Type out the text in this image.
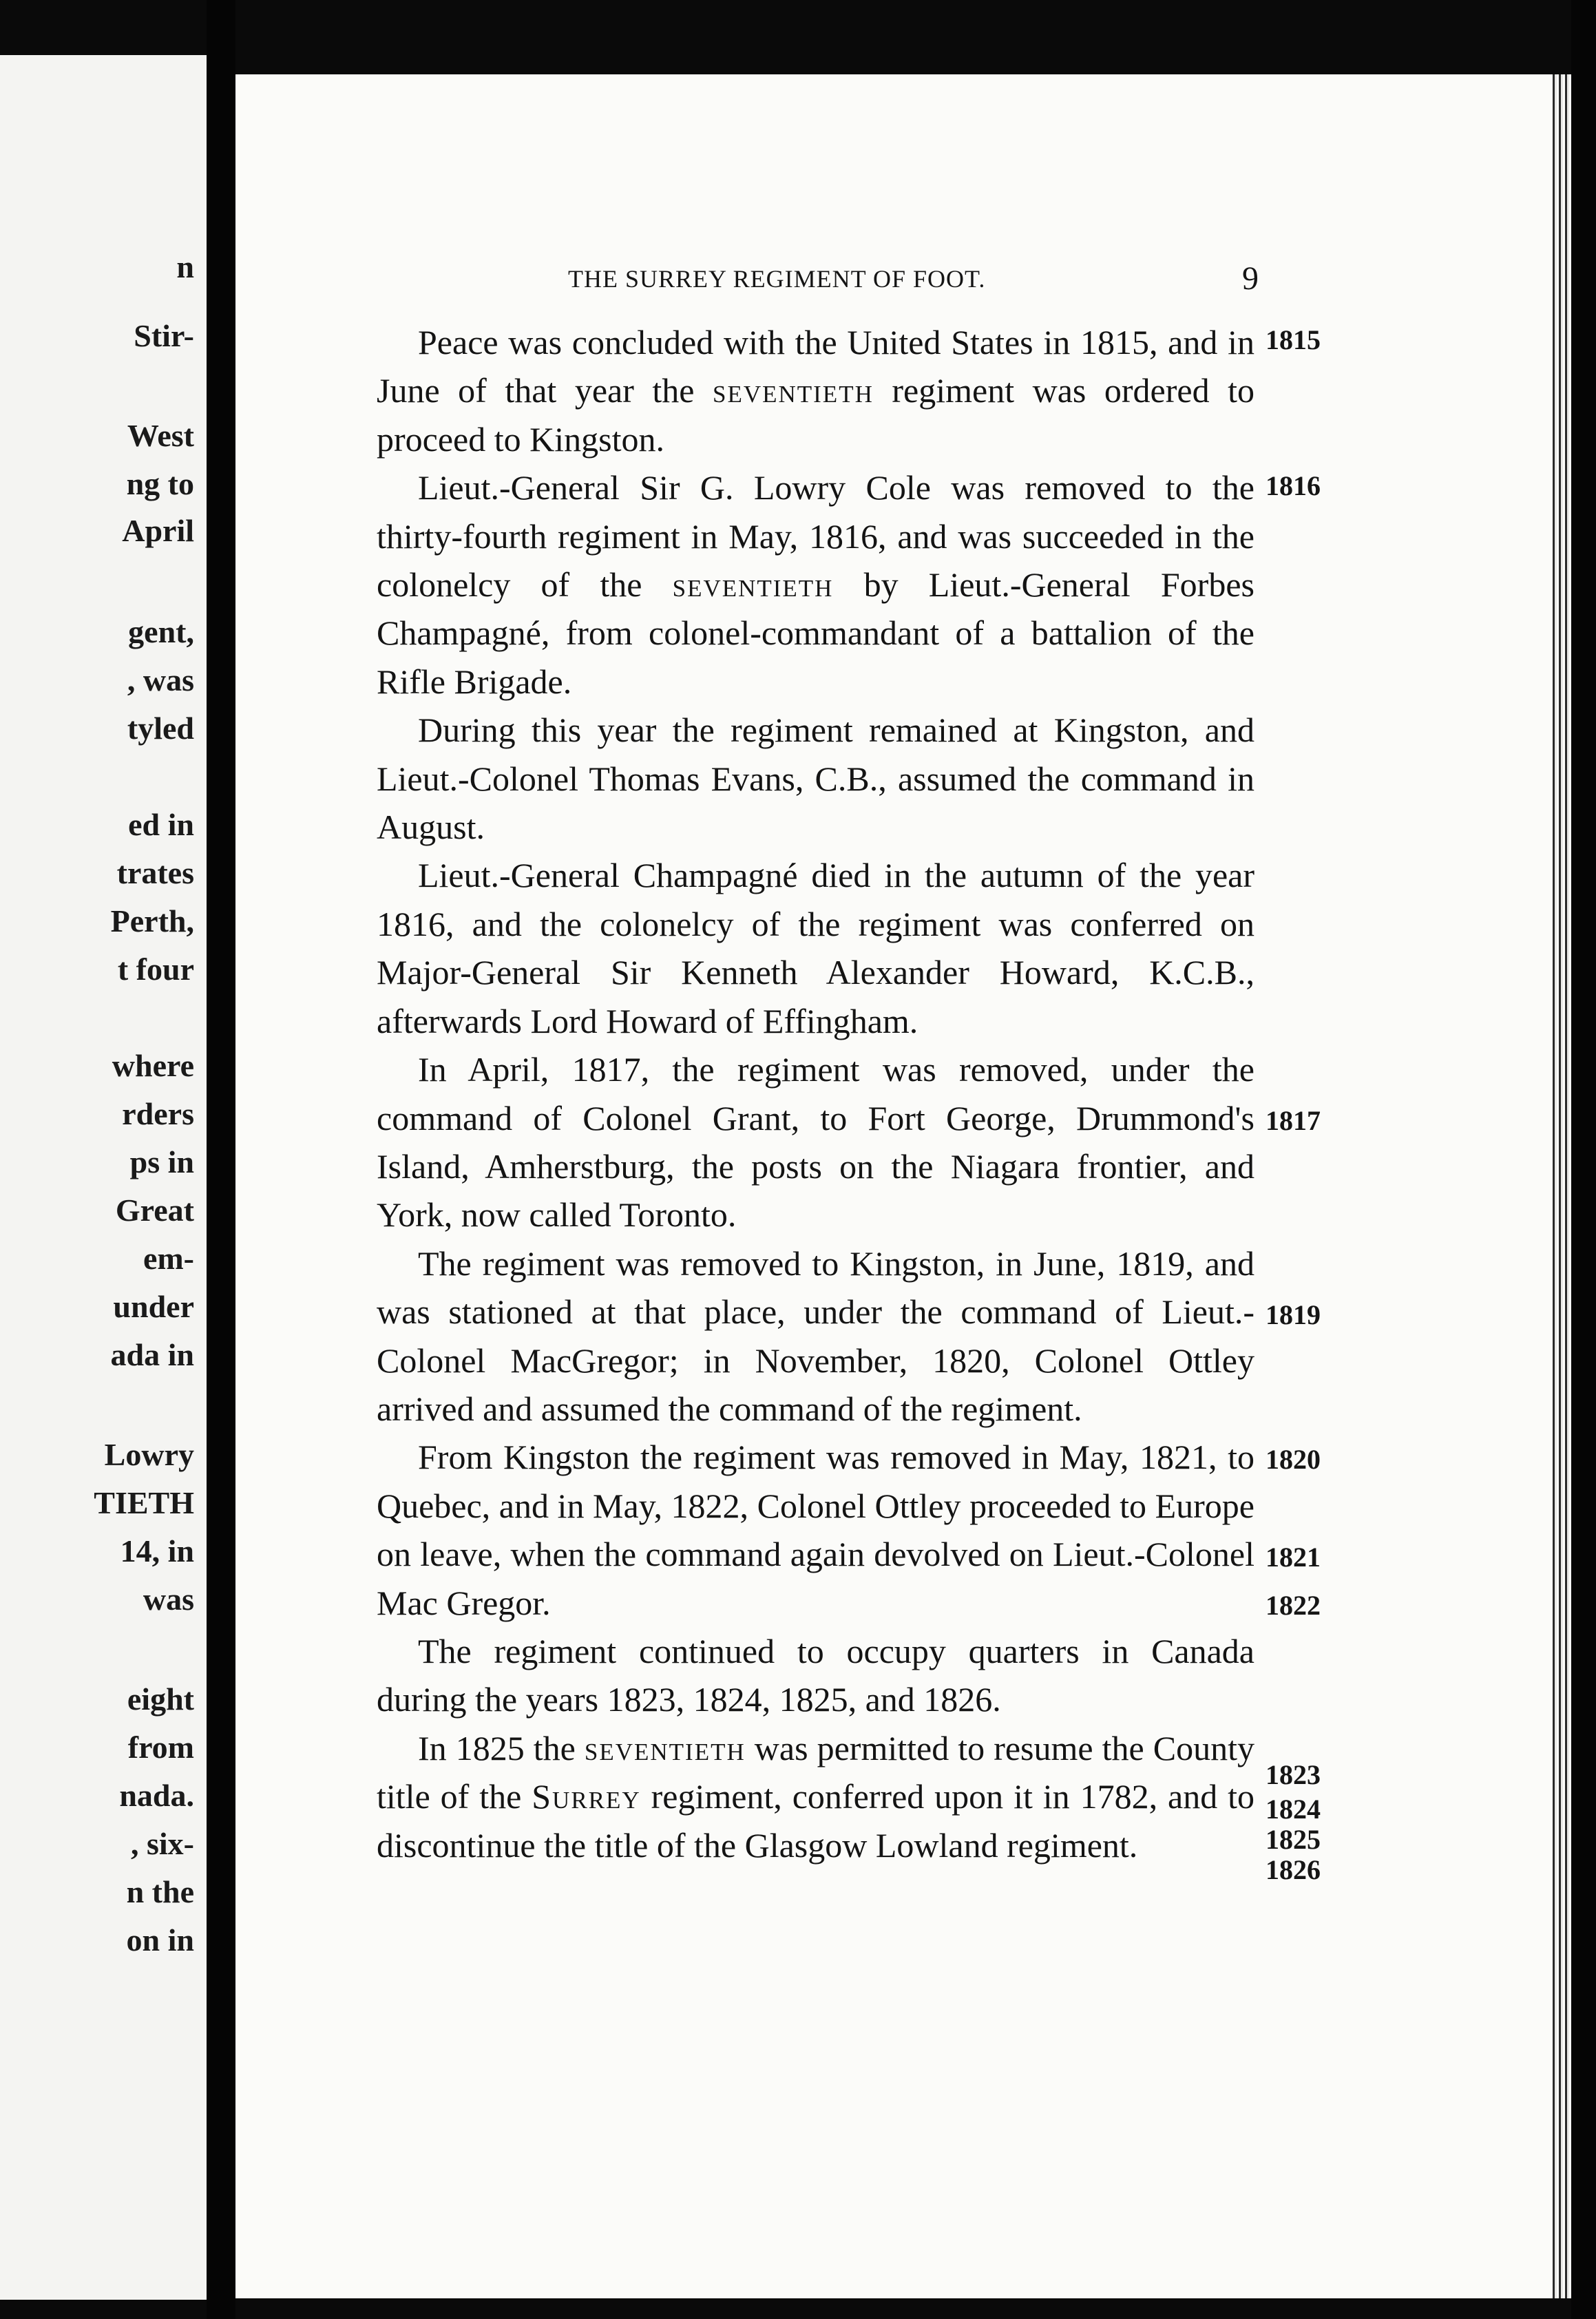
n
Stir-
West
ng to
April
gent,
, was
tyled
ed in
trates
Perth,
t four
where
rders
ps in
Great
em-
under
ada in
Lowry
TIETH
14, in
was
eight
from
nada.
, six-
n the
on in
THE SURREY REGIMENT OF FOOT.	9

Peace was concluded with the United States in 1815, and in June of that year the seventieth regiment was ordered to proceed to Kingston.

Lieut.-General Sir G. Lowry Cole was removed to the thirty-fourth regiment in May, 1816, and was succeeded in the colonelcy of the seventieth by Lieut.-General Forbes Champagné, from colonel-commandant of a battalion of the Rifle Brigade.

During this year the regiment remained at Kingston, and Lieut.-Colonel Thomas Evans, C.B., assumed the command in August.

Lieut.-General Champagné died in the autumn of the year 1816, and the colonelcy of the regiment was conferred on Major-General Sir Kenneth Alexander Howard, K.C.B., afterwards Lord Howard of Effingham.

In April, 1817, the regiment was removed, under the command of Colonel Grant, to Fort George, Drummond's Island, Amherstburg, the posts on the Niagara frontier, and York, now called Toronto.

The regiment was removed to Kingston, in June, 1819, and was stationed at that place, under the command of Lieut.-Colonel MacGregor; in November, 1820, Colonel Ottley arrived and assumed the command of the regiment.

From Kingston the regiment was removed in May, 1821, to Quebec, and in May, 1822, Colonel Ottley proceeded to Europe on leave, when the command again devolved on Lieut.-Colonel Mac Gregor.

The regiment continued to occupy quarters in Canada during the years 1823, 1824, 1825, and 1826.

In 1825 the seventieth was permitted to resume the County title of the Surrey regiment, conferred upon it in 1782, and to discontinue the title of the Glasgow Lowland regiment.

1815
1816
1817
1819
1820
1821
1822
1823
1824
1825
1826
